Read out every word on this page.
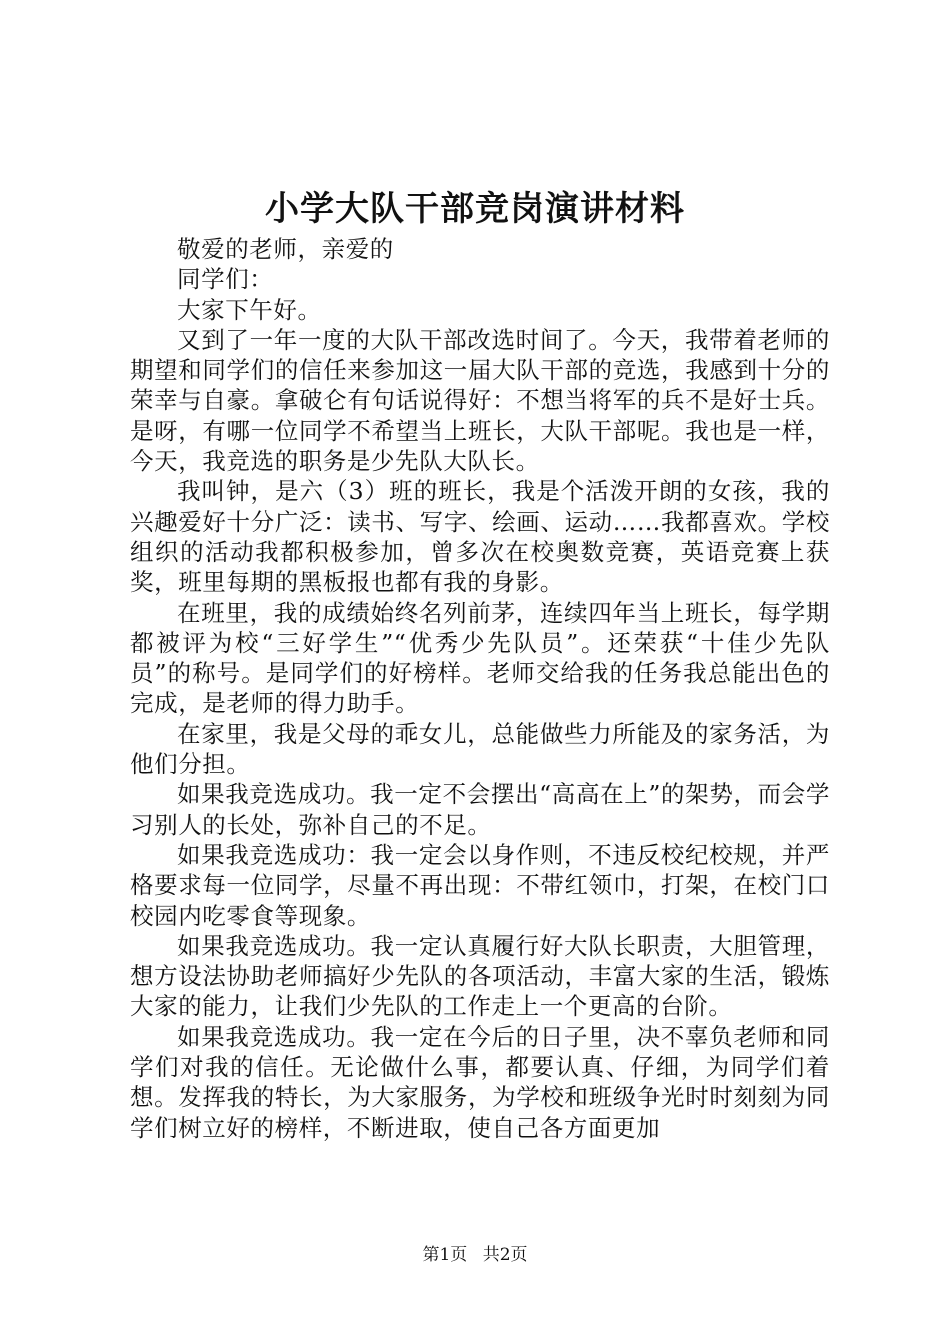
小学大队干部竞岗演讲材料

敬爱的老师，亲爱的

同学们：

大家下午好。

又到了一年一度的大队干部改选时间了。今天，我带着老师的期望和同学们的信任来参加这一届大队干部的竞选，我感到十分的荣幸与自豪。拿破仑有句话说得好：不想当将军的兵不是好士兵。是呀，有哪一位同学不希望当上班长，大队干部呢。我也是一样，今天，我竞选的职务是少先队大队长。

我叫钟，是六（3）班的班长，我是个活泼开朗的女孩，我的兴趣爱好十分广泛：读书、写字、绘画、运动……我都喜欢。学校组织的活动我都积极参加，曾多次在校奥数竞赛，英语竞赛上获奖，班里每期的黑板报也都有我的身影。

在班里，我的成绩始终名列前茅，连续四年当上班长，每学期都被评为校“三好学生”“优秀少先队员”。还荣获“十佳少先队员”的称号。是同学们的好榜样。老师交给我的任务我总能出色的完成，是老师的得力助手。

在家里，我是父母的乖女儿，总能做些力所能及的家务活，为他们分担。

如果我竞选成功。我一定不会摆出“高高在上”的架势，而会学习别人的长处，弥补自己的不足。

如果我竞选成功：我一定会以身作则，不违反校纪校规，并严格要求每一位同学，尽量不再出现：不带红领巾，打架，在校门口校园内吃零食等现象。

如果我竞选成功。我一定认真履行好大队长职责，大胆管理，想方设法协助老师搞好少先队的各项活动，丰富大家的生活，锻炼大家的能力，让我们少先队的工作走上一个更高的台阶。

如果我竞选成功。我一定在今后的日子里，决不辜负老师和同学们对我的信任。无论做什么事，都要认真、仔细，为同学们着想。发挥我的特长，为大家服务，为学校和班级争光时时刻刻为同学们树立好的榜样，不断进取，使自己各方面更加

第1页 共2页
